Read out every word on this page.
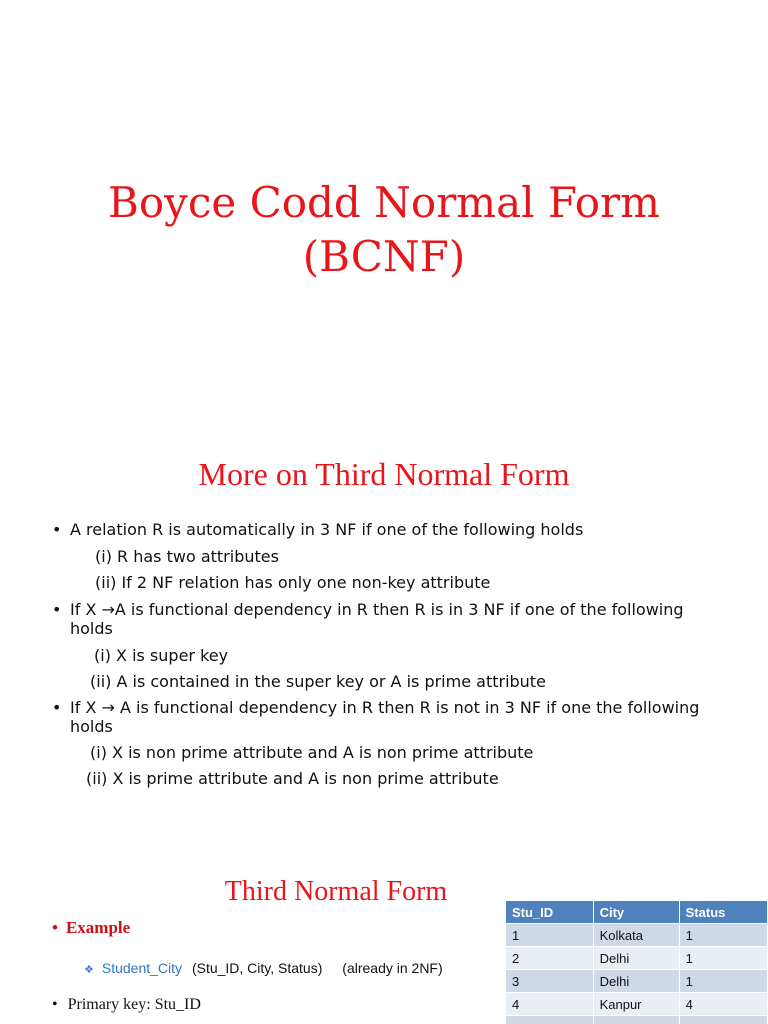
Boyce Codd Normal Form
(BCNF)
More on Third Normal Form
• A relation R is automatically in 3 NF if one of the following holds
(i) R has two attributes
(ii) If 2 NF relation has only one non-key attribute
• If X →A is functional dependency in R then R is in 3 NF if one of the following holds
(i) X is super key
(ii) A is contained in the super key or A is prime attribute
• If X → A is functional dependency in R then R is not in 3 NF if one the following holds
(i) X is non prime attribute and A is non prime attribute
(ii) X is prime attribute and A is non prime attribute
Third Normal Form
• Example
❖ Student_City (Stu_ID, City, Status) (already in 2NF)
• Primary key: Stu_ID
Stu_ID	City	Status
1	Kolkata	1
2	Delhi	1
3	Delhi	1
4	Kanpur	4
